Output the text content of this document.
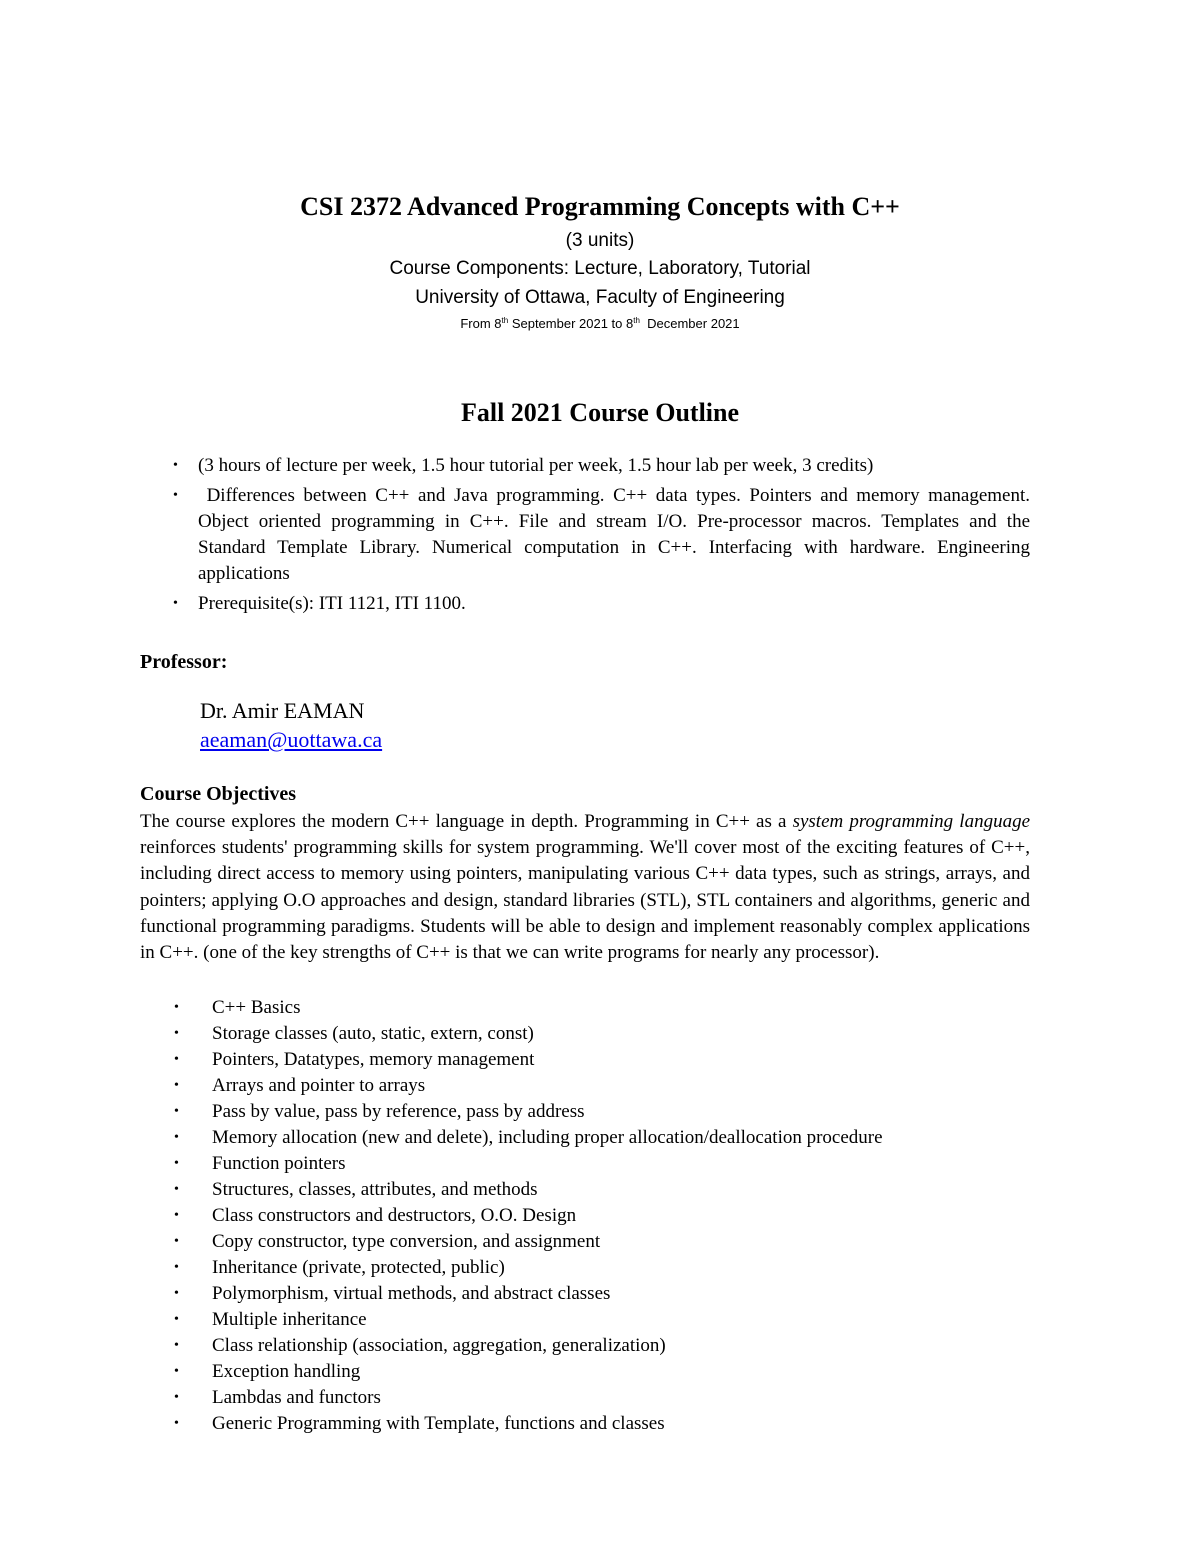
CSI 2372 Advanced Programming Concepts with C++
(3 units)
Course Components: Lecture, Laboratory, Tutorial
University of Ottawa, Faculty of Engineering
From 8th September 2021 to 8th  December 2021
Fall 2021 Course Outline
• (3 hours of lecture per week, 1.5 hour tutorial per week, 1.5 hour lab per week, 3 credits)
• Differences between C++ and Java programming. C++ data types. Pointers and memory management. Object oriented programming in C++. File and stream I/O. Pre-processor macros. Templates and the Standard Template Library. Numerical computation in C++. Interfacing with hardware. Engineering applications
• Prerequisite(s): ITI 1121, ITI 1100.
Professor:
Dr. Amir EAMAN
aeaman@uottawa.ca
Course Objectives

The course explores the modern C++ language in depth. Programming in C++ as a system programming language reinforces students' programming skills for system programming. We'll cover most of the exciting features of C++, including direct access to memory using pointers, manipulating various C++ data types, such as strings, arrays, and pointers; applying O.O approaches and design, standard libraries (STL), STL containers and algorithms, generic and functional programming paradigms. Students will be able to design and implement reasonably complex applications in C++. (one of the key strengths of C++ is that we can write programs for nearly any processor).

• C++ Basics
• Storage classes (auto, static, extern, const)
• Pointers, Datatypes, memory management
• Arrays and pointer to arrays
• Pass by value, pass by reference, pass by address
• Memory allocation (new and delete), including proper allocation/deallocation procedure
• Function pointers
• Structures, classes, attributes, and methods
• Class constructors and destructors, O.O. Design
• Copy constructor, type conversion, and assignment
• Inheritance (private, protected, public)
• Polymorphism, virtual methods, and abstract classes
• Multiple inheritance
• Class relationship (association, aggregation, generalization)
• Exception handling
• Lambdas and functors
• Generic Programming with Template, functions and classes
